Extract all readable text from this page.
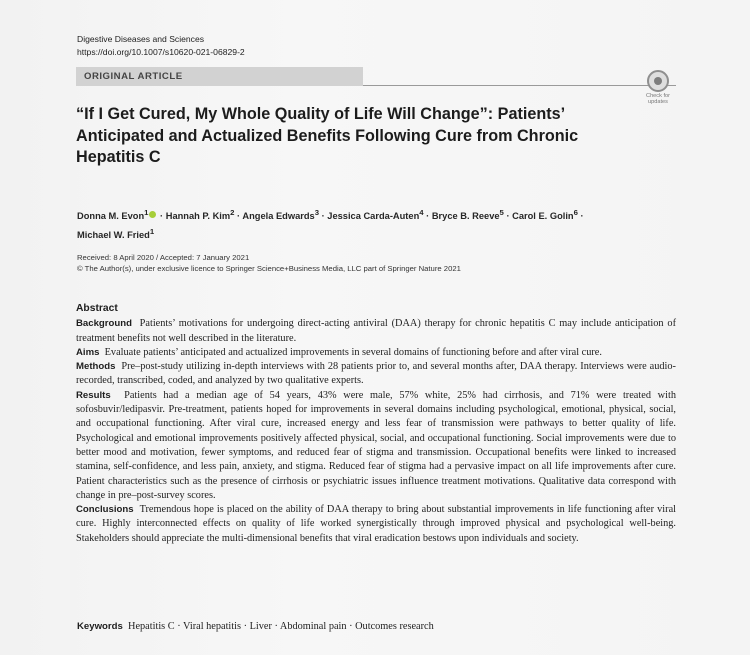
Digestive Diseases and Sciences
https://doi.org/10.1007/s10620-021-06829-2
ORIGINAL ARTICLE
Check for
updates
“If I Get Cured, My Whole Quality of Life Will Change”: Patients’ Anticipated and Actualized Benefits Following Cure from Chronic Hepatitis C
Donna M. Evon$^1$ · Hannah P. Kim$^2$ · Angela Edwards$^3$ · Jessica Carda-Auten$^4$ · Bryce B. Reeve$^5$ · Carol E. Golin$^6$ ·
Michael W. Fried$^1$
Received: 8 April 2020 / Accepted: 7 January 2021
© The Author(s), under exclusive licence to Springer Science+Business Media, LLC part of Springer Nature 2021
Abstract

Background Patients’ motivations for undergoing direct-acting antiviral (DAA) therapy for chronic hepatitis C may include anticipation of treatment benefits not well described in the literature.

Aims Evaluate patients’ anticipated and actualized improvements in several domains of functioning before and after viral cure.

Methods Pre–post-study utilizing in-depth interviews with 28 patients prior to, and several months after, DAA therapy. Interviews were audio-recorded, transcribed, coded, and analyzed by two qualitative experts.

Results Patients had a median age of 54 years, 43% were male, 57% white, 25% had cirrhosis, and 71% were treated with sofosbuvir/ledipasvir. Pre-treatment, patients hoped for improvements in several domains including psychological, emotional, physical, social, and occupational functioning. After viral cure, increased energy and less fear of transmission were pathways to better quality of life. Psychological and emotional improvements positively affected physical, social, and occupational functioning. Social improvements were due to better mood and motivation, fewer symptoms, and reduced fear of stigma and transmission. Occupational benefits were linked to increased stamina, self-confidence, and less pain, anxiety, and stigma. Reduced fear of stigma had a pervasive impact on all life improvements after cure. Patient characteristics such as the presence of cirrhosis or psychiatric issues influence treatment motivations. Qualitative data correspond with change in pre–post-survey scores.

Conclusions Tremendous hope is placed on the ability of DAA therapy to bring about substantial improvements in life functioning after viral cure. Highly interconnected effects on quality of life worked synergistically through improved physical and psychological well-being. Stakeholders should appreciate the multi-dimensional benefits that viral eradication bestows upon individuals and society.

Keywords Hepatitis C · Viral hepatitis · Liver · Abdominal pain · Outcomes research
